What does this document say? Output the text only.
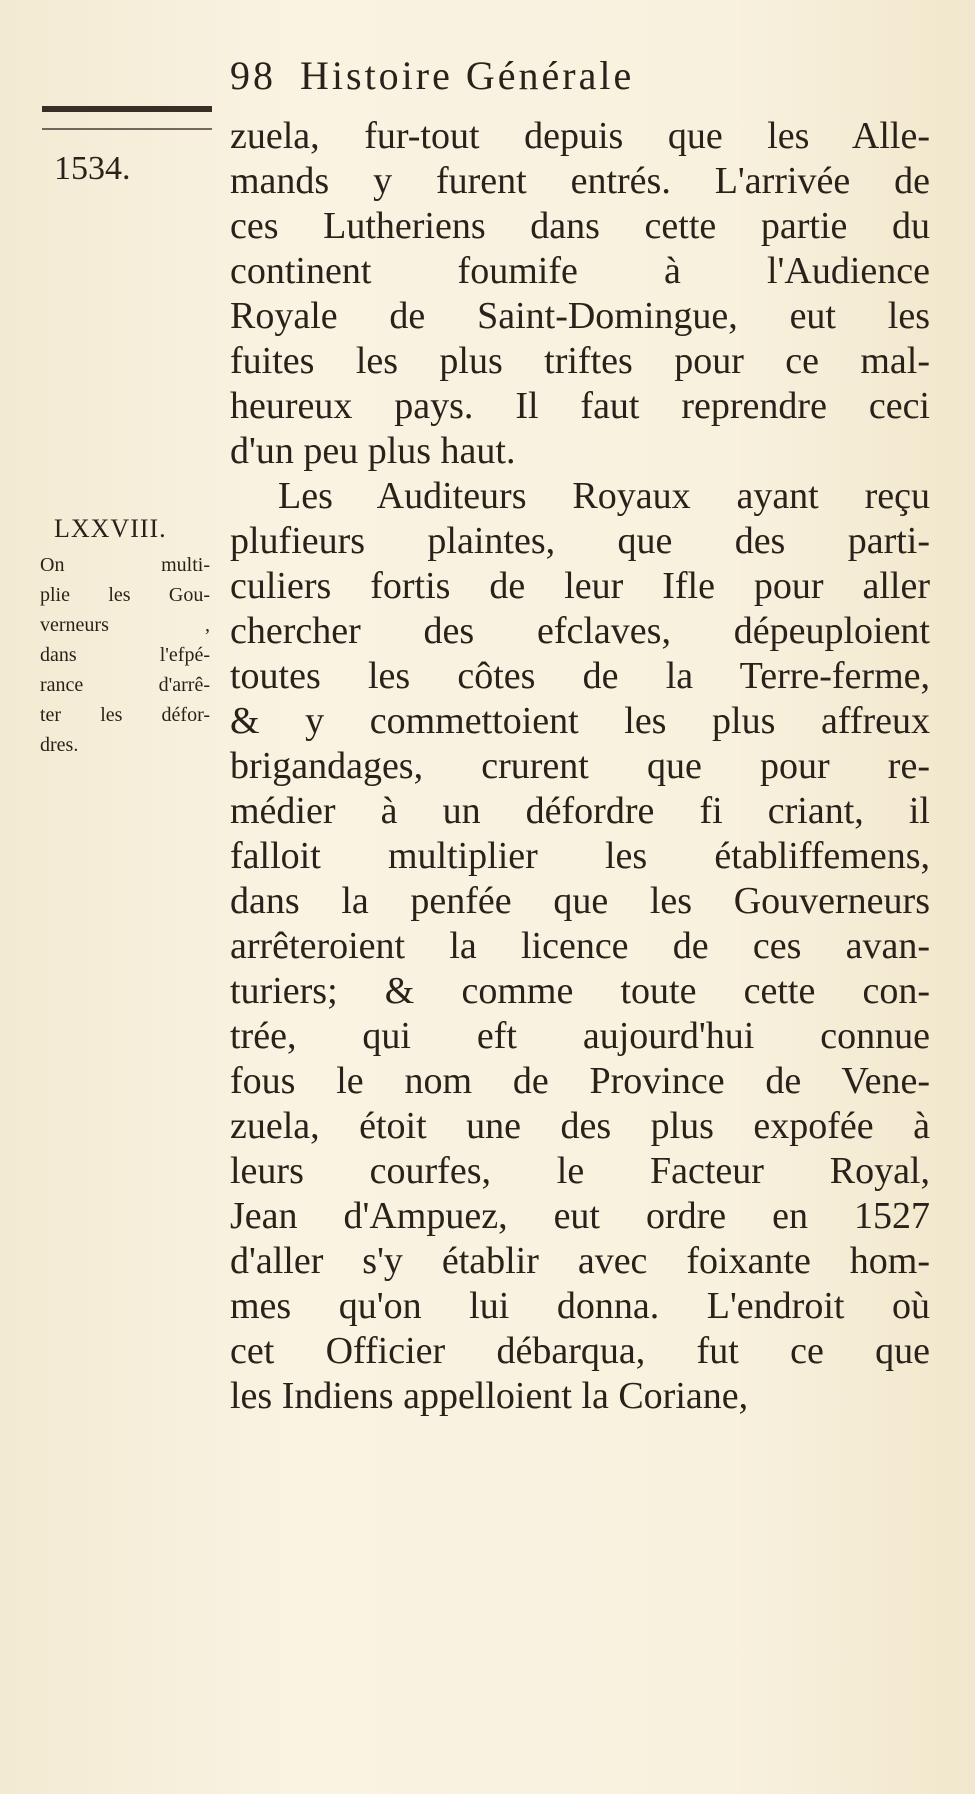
98 Histoire Générale
1534.
LXXVIII.
On multi-
plie les Gou-
verneurs ,
dans l'efpé-
rance d'arrê-
ter les défor-
dres.
zuela, fur-tout depuis que les Alle-
mands y furent entrés. L'arrivée de
ces Lutheriens dans cette partie du
continent foumife à l'Audience
Royale de Saint-Domingue, eut les
fuites les plus triftes pour ce mal-
heureux pays. Il faut reprendre ceci
d'un peu plus haut.
Les Auditeurs Royaux ayant reçu
plufieurs plaintes, que des parti-
culiers fortis de leur Ifle pour aller
chercher des efclaves, dépeuploient
toutes les côtes de la Terre-ferme,
& y commettoient les plus affreux
brigandages, crurent que pour re-
médier à un défordre fi criant, il
falloit multiplier les établiffemens,
dans la penfée que les Gouverneurs
arrêteroient la licence de ces avan-
turiers; & comme toute cette con-
trée, qui eft aujourd'hui connue
fous le nom de Province de Vene-
zuela, étoit une des plus expofée à
leurs courfes, le Facteur Royal,
Jean d'Ampuez, eut ordre en 1527
d'aller s'y établir avec foixante hom-
mes qu'on lui donna. L'endroit où
cet Officier débarqua, fut ce que
les Indiens appelloient la Coriane,
